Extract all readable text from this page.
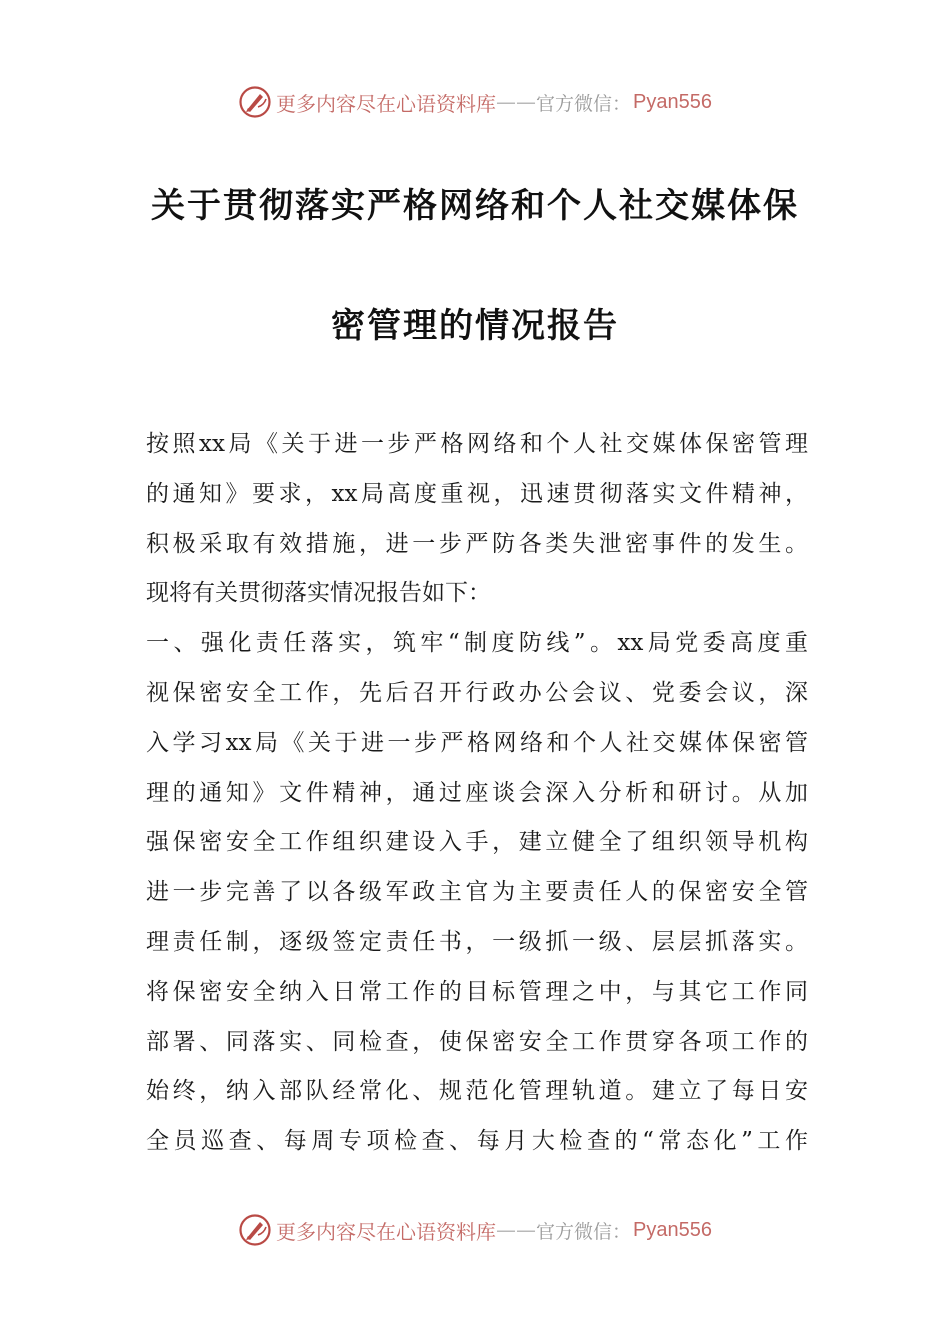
更多内容尽在心语资料库 —— 官方微信： Pyan556
关于贯彻落实严格网络和个人社交媒体保
密管理的情况报告
按照xx局《关于进一步严格网络和个人社交媒体保密管理
的通知》要求，xx局高度重视，迅速贯彻落实文件精神，
积极采取有效措施，进一步严防各类失泄密事件的发生。
现将有关贯彻落实情况报告如下：
一、强化责任落实，筑牢“制度防线”。xx局党委高度重
视保密安全工作，先后召开行政办公会议、党委会议，深
入学习xx局《关于进一步严格网络和个人社交媒体保密管
理的通知》文件精神，通过座谈会深入分析和研讨。从加
强保密安全工作组织建设入手，建立健全了组织领导机构
进一步完善了以各级军政主官为主要责任人的保密安全管
理责任制，逐级签定责任书，一级抓一级、层层抓落实。
将保密安全纳入日常工作的目标管理之中，与其它工作同
部署、同落实、同检查，使保密安全工作贯穿各项工作的
始终，纳入部队经常化、规范化管理轨道。建立了每日安
全员巡查、每周专项检查、每月大检查的“常态化”工作
更多内容尽在心语资料库 —— 官方微信： Pyan556
